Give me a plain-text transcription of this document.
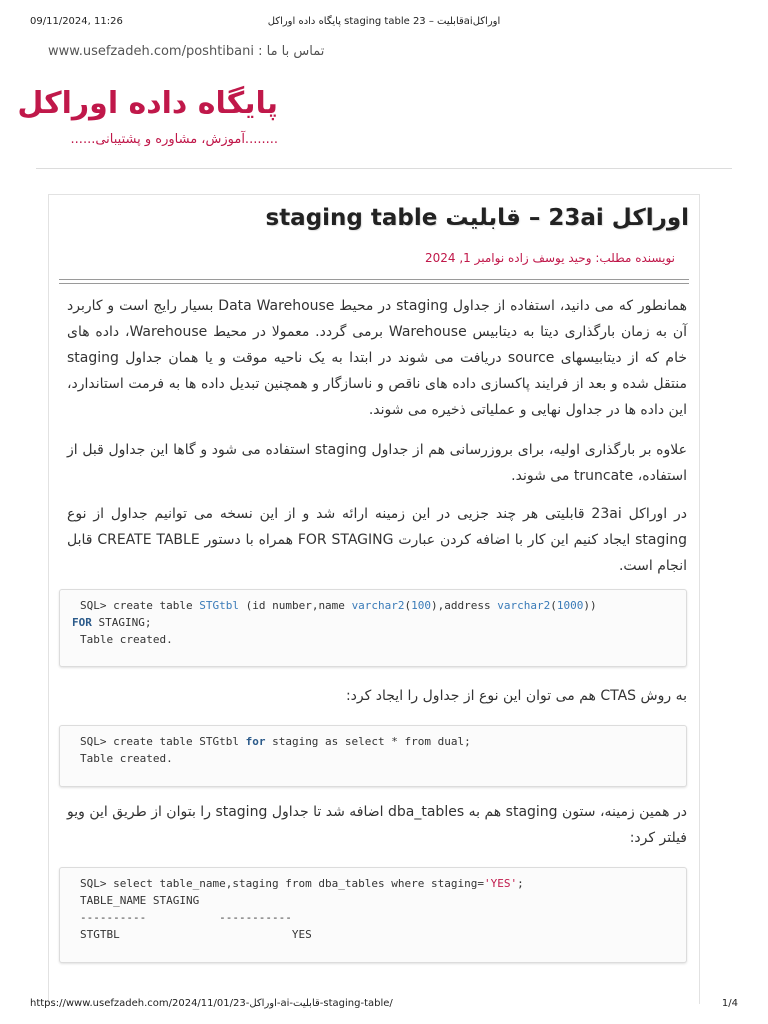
09/11/2024, 11:26	پایگاه داده اوراکل staging table قابلیت – 23aiاوراکل
www.usefzadeh.com/poshtibani : تماس با ما
پایگاه داده اوراکل
........آموزش، مشاوره و پشتیبانی......
اوراکل 23ai – قابلیت staging table
نویسنده مطلب: وحید یوسف زاده نوامبر 1, 2024
همانطور که می دانید، استفاده از جداول staging در محیط Data Warehouse بسیار رایج است و کاربرد آن به زمان بارگذاری دیتا به دیتابیس Warehouse برمی گردد. معمولا در محیط Warehouse، داده های خام که از دیتابیسهای source دریافت می شوند در ابتدا به یک ناحیه موقت و یا همان جداول staging منتقل شده و بعد از فرایند پاکسازی داده های ناقص و ناسازگار و همچنین تبدیل داده ها به فرمت استاندارد، این داده ها در جداول نهایی و عملیاتی ذخیره می شوند.
علاوه بر بارگذاری اولیه، برای بروزرسانی هم از جداول staging استفاده می شود و گاها این جداول قبل از استفاده، truncate می شوند.
در اوراکل 23ai قابلیتی هر چند جزیی در این زمینه ارائه شد و از این نسخه می توانیم جداول از نوع staging ایجاد کنیم این کار با اضافه کردن عبارت FOR STAGING همراه با دستور CREATE TABLE قابل انجام است.
SQL> create table STGtbl (id number,name varchar2(100),address varchar2(1000))
FOR STAGING;
Table created.
به روش CTAS هم می توان این نوع از جداول را ایجاد کرد:
SQL> create table STGtbl for staging as select * from dual;
Table created.
در همین زمینه، ستون staging هم به dba_tables اضافه شد تا جداول staging را بتوان از طریق این ویو فیلتر کرد:
SQL> select table_name,staging from dba_tables where staging='YES';
TABLE_NAME STAGING
----------           -----------
STGTBL                          YES
https://www.usefzadeh.com/2024/11/01/23-اوراکل-ai-قابلیت-staging-table/	1/4
